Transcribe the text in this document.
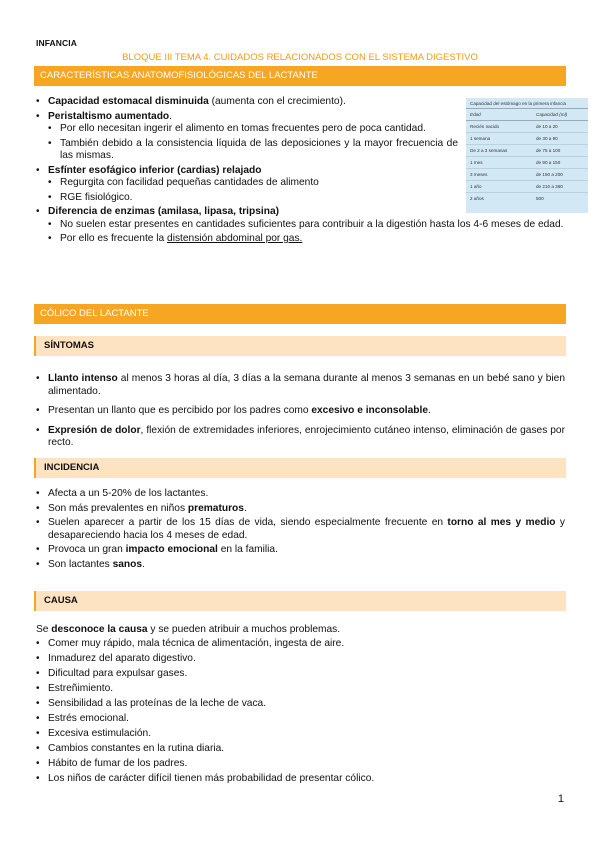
INFANCIA
BLOQUE III TEMA 4. CUIDADOS RELACIONADOS CON EL SISTEMA DIGESTIVO
CARACTERÍSTICAS ANATOMOFISIOLÓGICAS DEL LACTANTE
• Capacidad estomacal disminuida (aumenta con el crecimiento).
• Peristaltismo aumentado.
• Por ello necesitan ingerir el alimento en tomas frecuentes pero de poca cantidad.
• También debido a la consistencia líquida de las deposiciones y la mayor frecuencia de las mismas.
• Esfínter esofágico inferior (cardias) relajado
• Regurgita con facilidad pequeñas cantidades de alimento
• RGE fisiológico.
• Diferencia de enzimas (amilasa, lipasa, tripsina)
• No suelen estar presentes en cantidades suficientes para contribuir a la digestión hasta los 4-6 meses de edad.
• Por ello es frecuente la distensión abdominal por gas.
Capacidad del estómago en la primera infancia
Edad	Capacidad (ml)
Recién nacido	de 10 a 20
1 semana	de 30 a 90
De 2 a 3 semanas	de 75 a 100
1 mes	de 90 a 150
3 meses	de 150 a 200
1 año	de 210 a 360
2 años	500
CÓLICO DEL LACTANTE
SÍNTOMAS
• Llanto intenso al menos 3 horas al día, 3 días a la semana durante al menos 3 semanas en un bebé sano y bien alimentado.
• Presentan un llanto que es percibido por los padres como excesivo e inconsolable.
• Expresión de dolor, flexión de extremidades inferiores, enrojecimiento cutáneo intenso, eliminación de gases por recto.
INCIDENCIA
• Afecta a un 5-20% de los lactantes.
• Son más prevalentes en niños prematuros.
• Suelen aparecer a partir de los 15 días de vida, siendo especialmente frecuente en torno al mes y medio y desapareciendo hacia los 4 meses de edad.
• Provoca un gran impacto emocional en la familia.
• Son lactantes sanos.
CAUSA
Se desconoce la causa y se pueden atribuir a muchos problemas.
• Comer muy rápido, mala técnica de alimentación, ingesta de aire.
• Inmadurez del aparato digestivo.
• Dificultad para expulsar gases.
• Estreñimiento.
• Sensibilidad a las proteínas de la leche de vaca.
• Estrés emocional.
• Excesiva estimulación.
• Cambios constantes en la rutina diaria.
• Hábito de fumar de los padres.
• Los niños de carácter difícil tienen más probabilidad de presentar cólico.
1
